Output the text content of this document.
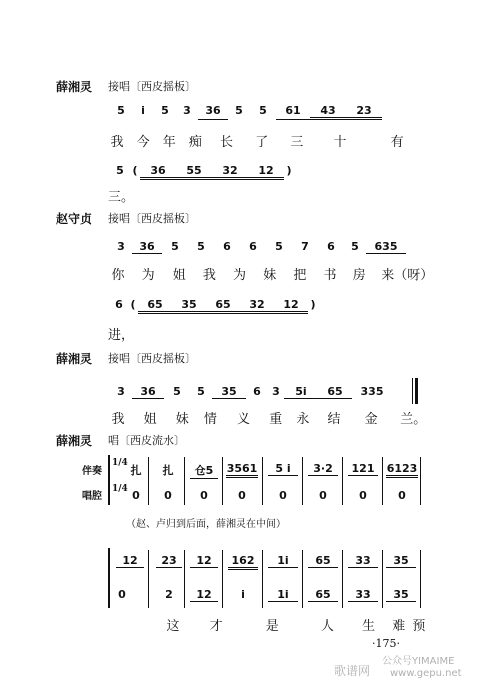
薛湘灵 接唱〔西皮摇板〕
5	i	5	3	36	5	5	61	43	23
我 今 年 痴 长 了 三 十	有
5 (	36	55	32	12	)
三。
赵守贞 接唱〔西皮摇板〕
3	36	5	5	6	6	5	7	6	5	635
你 为 姐 我 为 妹 把 书 房 来（呀）
6 (	65	35	65	32	12	)
进，
薛湘灵 接唱〔西皮摇板〕
3	36	5	5	35	6	3	5i	65	335
我 姐 妹 情 义 重 永 结 金 兰。
薛湘灵 唱〔西皮流水〕
伴奏
唱腔
1/4
1/4
扎	扎	仓5	3561	5 i	3·2	121	6123
0	0	0	0	0	0	0	0
（赵、卢归到后面，薛湘灵在中间）
12	23	12	162	1i	65	33	35
0	2	12	i	1i	65	33	35
这 才	是	人 生 难 预
·175·
歌谱网
公众号YIMAIME
www.gepu.net
